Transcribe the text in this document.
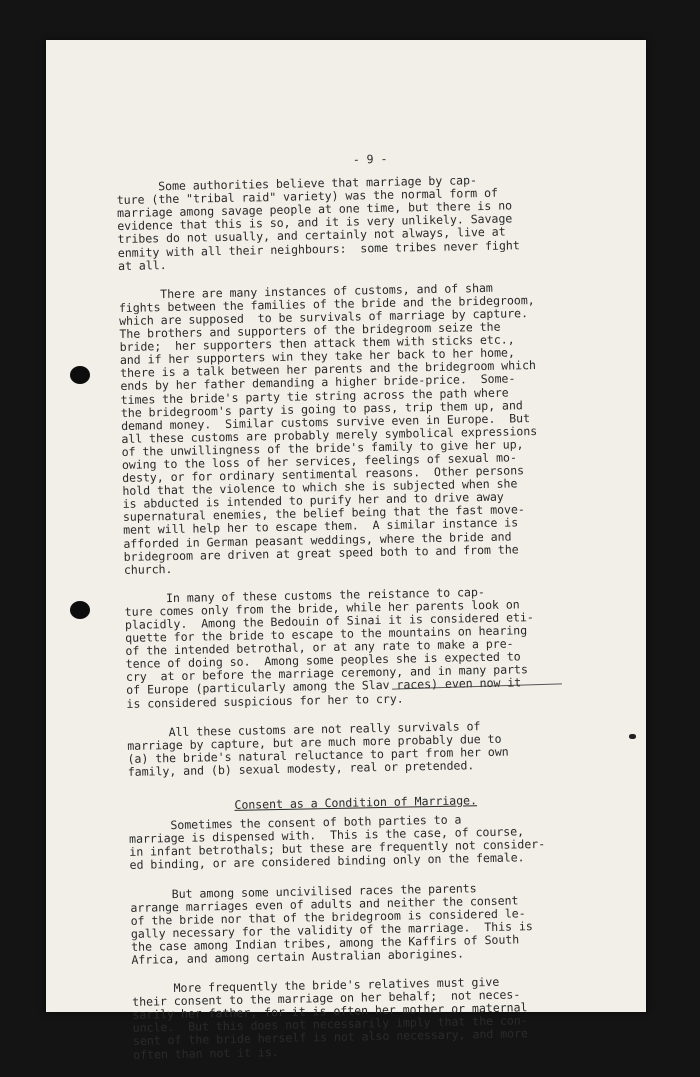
- 9 -
Some authorities believe that marriage by cap-
ture (the "tribal raid" variety) was the normal form of
marriage among savage people at one time, but there is no
evidence that this is so, and it is very unlikely. Savage
tribes do not usually, and certainly not always, live at
enmity with all their neighbours:  some tribes never fight
at all.
There are many instances of customs, and of sham
fights between the families of the bride and the bridegroom,
which are supposed  to be survivals of marriage by capture.
The brothers and supporters of the bridegroom seize the
bride;  her supporters then attack them with sticks etc.,
and if her supporters win they take her back to her home,
there is a talk between her parents and the bridegroom which
ends by her father demanding a higher bride-price.  Some-
times the bride's party tie string across the path where
the bridegroom's party is going to pass, trip them up, and
demand money.  Similar customs survive even in Europe.  But
all these customs are probably merely symbolical expressions
of the unwillingness of the bride's family to give her up,
owing to the loss of her services, feelings of sexual mo-
desty, or for ordinary sentimental reasons.  Other persons
hold that the violence to which she is subjected when she
is abducted is intended to purify her and to drive away
supernatural enemies, the belief being that the fast move-
ment will help her to escape them.  A similar instance is
afforded in German peasant weddings, where the bride and
bridegroom are driven at great speed both to and from the
church.
In many of these customs the reistance to cap-
ture comes only from the bride, while her parents look on
placidly.  Among the Bedouin of Sinai it is considered eti-
quette for the bride to escape to the mountains on hearing
of the intended betrothal, or at any rate to make a pre-
tence of doing so.  Among some peoples she is expected to
cry  at or before the marriage ceremony, and in many parts
of Europe (particularly among the Slav races) even now it
is considered suspicious for her to cry.
All these customs are not really survivals of
marriage by capture, but are much more probably due to
(a) the bride's natural reluctance to part from her own
family, and (b) sexual modesty, real or pretended.
Consent as a Condition of Marriage.
Sometimes the consent of both parties to a
marriage is dispensed with.  This is the case, of course,
in infant betrothals; but these are frequently not consider-
ed binding, or are considered binding only on the female.
But among some uncivilised races the parents
arrange marriages even of adults and neither the consent
of the bride nor that of the bridegroom is considered le-
gally necessary for the validity of the marriage.  This is
the case among Indian tribes, among the Kaffirs of South
Africa, and among certain Australian aborigines.
More frequently the bride's relatives must give
their consent to the marriage on her behalf;  not neces-
sarily her father, for it is often her mother or maternal
uncle.  But this does not necessarily imply that the con-
sent of the bride herself is not also necessary, and more
often than not it is.
